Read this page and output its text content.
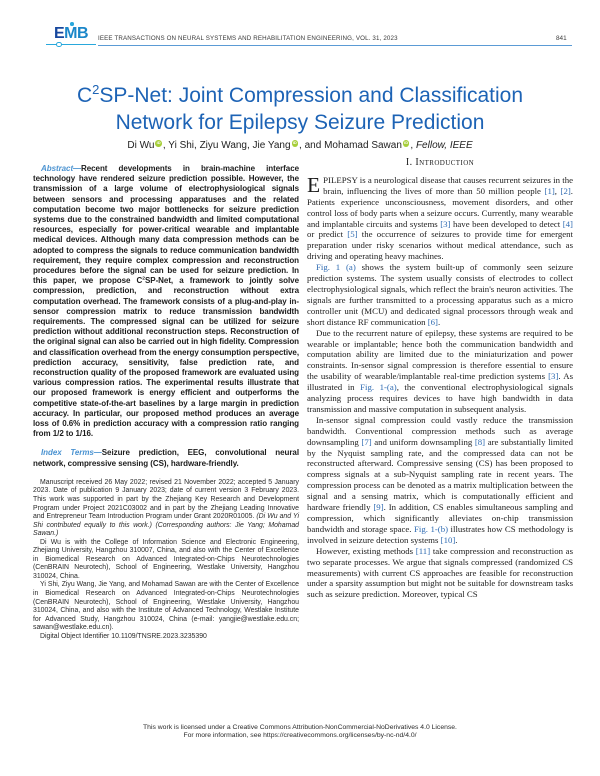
EMB	IEEE TRANSACTIONS ON NEURAL SYSTEMS AND REHABILITATION ENGINEERING, VOL. 31, 2023	841
$C^2SP$-Net: Joint Compression and Classification
Network for Epilepsy Seizure Prediction
Di Wu iD , Yi Shi, Ziyu Wang, Jie Yang iD , and Mohamad Sawan iD , Fellow, IEEE

Abstract—Recent developments in brain-machine interface technology have rendered seizure prediction possible. However, the transmission of a large volume of electrophysiological signals between sensors and processing apparatuses and the related computation become two major bottlenecks for seizure prediction systems due to the constrained bandwidth and limited computational resources, especially for power-critical wearable and implantable medical devices. Although many data compression methods can be adopted to compress the signals to reduce communication bandwidth requirement, they require complex compression and reconstruction procedures before the signal can be used for seizure prediction. In this paper, we propose $C^2SP$-Net, a framework to jointly solve compression, prediction, and reconstruction without extra computation overhead. The framework consists of a plug-and-play in-sensor compression matrix to reduce transmission bandwidth requirements. The compressed signal can be utilized for seizure prediction without additional reconstruction steps. Reconstruction of the original signal can also be carried out in high fidelity. Compression and classification overhead from the energy consumption perspective, prediction accuracy, sensitivity, false prediction rate, and reconstruction quality of the proposed framework are evaluated using various compression ratios. The experimental results illustrate that our proposed framework is energy efficient and outperforms the competitive state-of-the-art baselines by a large margin in prediction accuracy. In particular, our proposed method produces an average loss of 0.6% in prediction accuracy with a compression ratio ranging from 1/2 to 1/16.

Index Terms—Seizure prediction, EEG, convolutional neural network, compressive sensing (CS), hardware-friendly.

Manuscript received 26 May 2022; revised 21 November 2022; accepted 5 January 2023. Date of publication 9 January 2023; date of current version 3 February 2023. This work was supported in part by the Zhejiang Key Research and Development Program under Project 2021C03002 and in part by the Zhejiang Leading Innovative and Entrepreneur Team Introduction Program under Grant 2020R01005. (Di Wu and Yi Shi contributed equally to this work.) (Corresponding authors: Jie Yang; Mohamad Sawan.)

Di Wu is with the College of Information Science and Electronic Engineering, Zhejiang University, Hangzhou 310007, China, and also with the Center of Excellence in Biomedical Research on Advanced Integrated-on-Chips Neurotechnologies (CenBRAIN Neurotech), School of Engineering, Westlake University, Hangzhou 310024, China.

Yi Shi, Ziyu Wang, Jie Yang, and Mohamad Sawan are with the Center of Excellence in Biomedical Research on Advanced Integrated-on-Chips Neurotechnologies (CenBRAIN Neurotech), School of Engineering, Westlake University, Hangzhou 310024, China, and also with the Institute of Advanced Technology, Westlake Institute for Advanced Study, Hangzhou 310024, China (e-mail: yangjie@westlake.edu.cn; sawan@westlake.edu.cn).

Digital Object Identifier 10.1109/TNSRE.2023.3235390

I. Introduction

EPILEPSY is a neurological disease that causes recurrent seizures in the brain, influencing the lives of more than 50 million people [1], [2]. Patients experience unconsciousness, movement disorders, and other control loss of body parts when a seizure occurs. Currently, many wearable and implantable circuits and systems [3] have been developed to detect [4] or predict [5] the occurrence of seizures to provide time for emergent preparation under risky scenarios without medical attendance, such as driving and operating heavy machines.

Fig. 1 (a) shows the system built-up of commonly seen seizure prediction systems. The system usually consists of electrodes to collect electrophysiological signals, which reflect the brain's neuron activities. The signals are further transmitted to a processing apparatus such as a micro controller unit (MCU) and dedicated signal processors through weak and short distance RF communication [6].

Due to the recurrent nature of epilepsy, these systems are required to be wearable or implantable; hence both the communication bandwidth and computation ability are limited due to the miniaturization and power constraints. In-sensor signal compression is therefore essential to ensure the usability of wearable/implantable real-time prediction systems [3]. As illustrated in Fig. 1-(a), the conventional electrophysiological signals analyzing process requires devices to have high bandwidth in data transmission and massive computation in subsequent analysis.

In-sensor signal compression could vastly reduce the transmission bandwidth. Conventional compression methods such as average downsampling [7] and uniform downsampling [8] are substantially limited by the Nyquist sampling rate, and the compressed data can not be reconstructed afterward. Compressive sensing (CS) has been proposed to compress signals at a sub-Nyquist sampling rate in recent years. The compression process can be denoted as a matrix multiplication between the signal and a sensing matrix, which is computationally efficient and hardware friendly [9]. In addition, CS enables simultaneous sampling and compression, which significantly alleviates on-chip transmission bandwidth and storage space. Fig. 1-(b) illustrates how CS methodology is involved in seizure detection systems [10].

However, existing methods [11] take compression and reconstruction as two separate processes. We argue that signals compressed (randomized CS measurements) with current CS approaches are feasible for reconstruction under a sparsity assumption but might not be suitable for downstream tasks such as seizure prediction. Moreover, typical CS

This work is licensed under a Creative Commons Attribution-NonCommercial-NoDerivatives 4.0 License.
For more information, see https://creativecommons.org/licenses/by-nc-nd/4.0/
